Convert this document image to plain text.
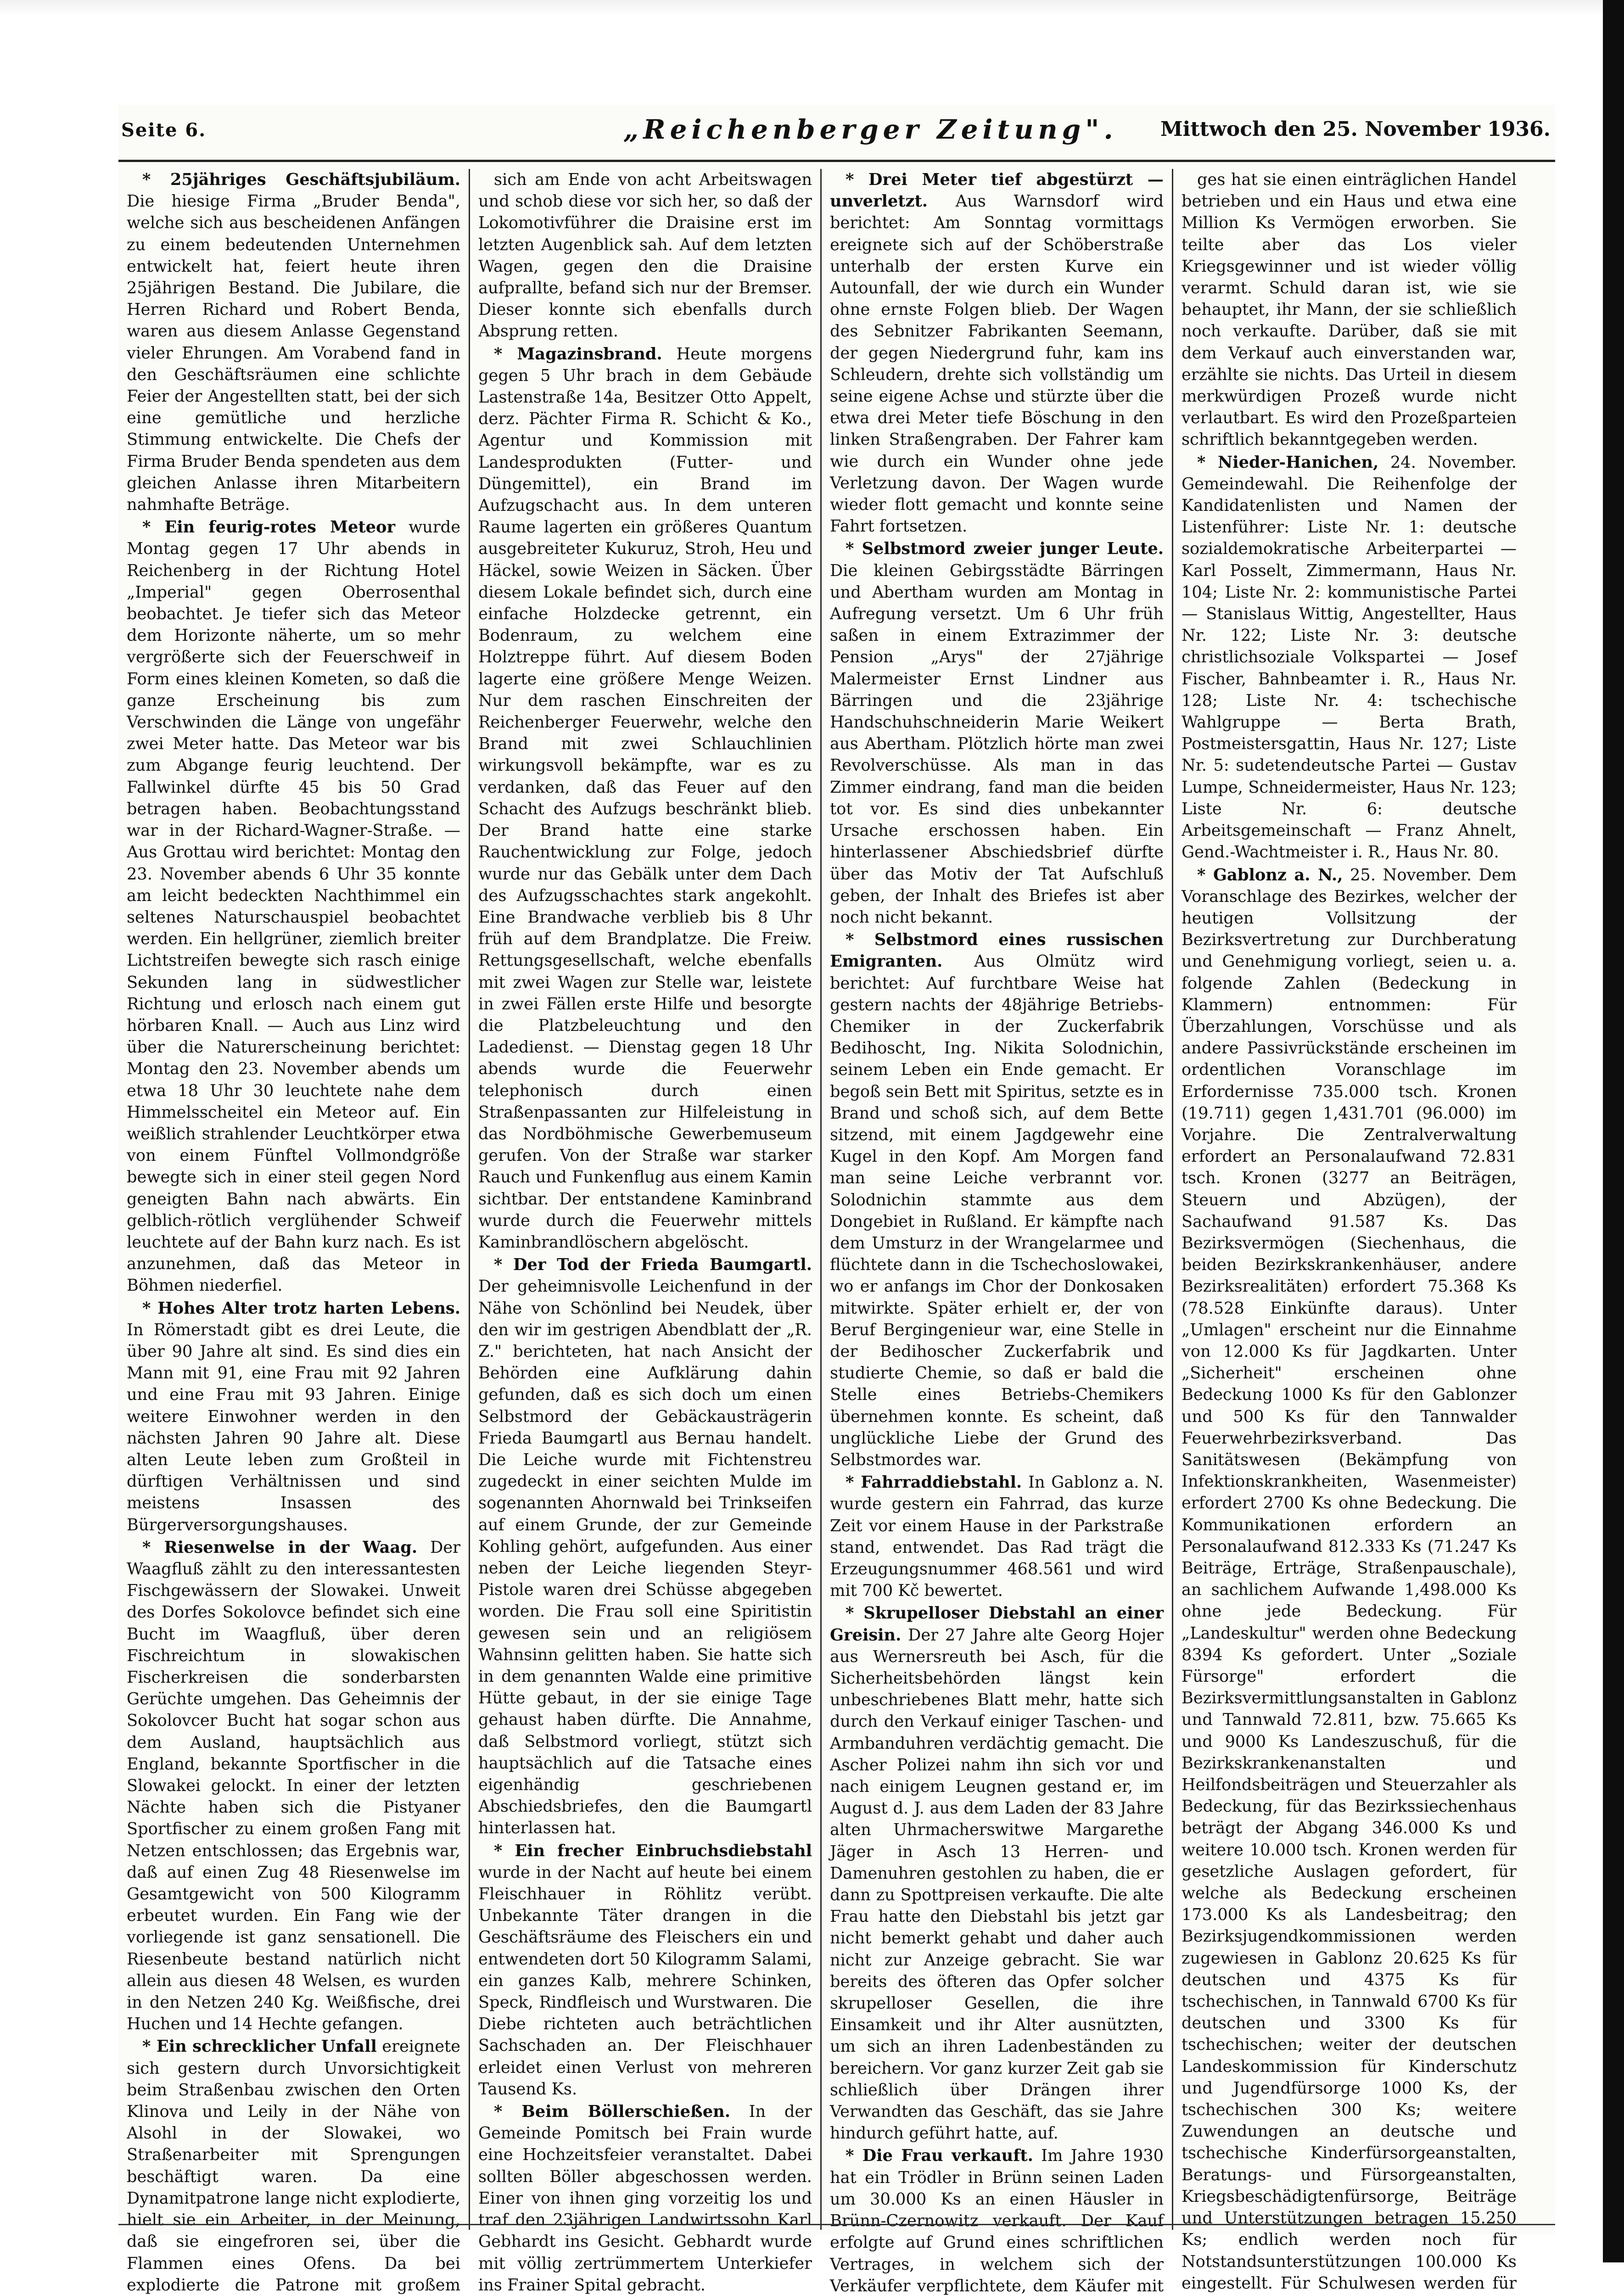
Seite 6.	„Reichenberger Zeitung". Mittwoch den 25. November 1936.

* 25jähriges Geschäftsjubiläum. Die hiesige Firma „Bruder Benda", welche sich aus bescheidenen Anfängen zu einem bedeutenden Unternehmen entwickelt hat, feiert heute ihren 25jährigen Bestand. Die Jubilare, die Herren Richard und Robert Benda, waren aus diesem Anlasse Gegenstand vieler Ehrungen. Am Vorabend fand in den Geschäftsräumen eine schlichte Feier der Angestellten statt, bei der sich eine gemütliche und herzliche Stimmung entwickelte. Die Chefs der Firma Bruder Benda spendeten aus dem gleichen Anlasse ihren Mitarbeitern nahmhafte Beträge.

* Ein feurig-rotes Meteor wurde Montag gegen 17 Uhr abends in Reichenberg in der Richtung Hotel „Imperial" gegen Oberrosenthal beobachtet. Je tiefer sich das Meteor dem Horizonte näherte, um so mehr vergrößerte sich der Feuerschweif in Form eines kleinen Kometen, so daß die ganze Erscheinung bis zum Verschwinden die Länge von ungefähr zwei Meter hatte. Das Meteor war bis zum Abgange feurig leuchtend. Der Fallwinkel dürfte 45 bis 50 Grad betragen haben. Beobachtungsstand war in der Richard-Wagner-Straße. — Aus Grottau wird berichtet: Montag den 23. November abends 6 Uhr 35 konnte am leicht bedeckten Nachthimmel ein seltenes Naturschauspiel beobachtet werden. Ein hellgrüner, ziemlich breiter Lichtstreifen bewegte sich rasch einige Sekunden lang in südwestlicher Richtung und erlosch nach einem gut hörbaren Knall. — Auch aus Linz wird über die Naturerscheinung berichtet: Montag den 23. November abends um etwa 18 Uhr 30 leuchtete nahe dem Himmelsscheitel ein Meteor auf. Ein weißlich strahlender Leuchtkörper etwa von einem Fünftel Vollmondgröße bewegte sich in einer steil gegen Nord geneigten Bahn nach abwärts. Ein gelblich-rötlich verglühender Schweif leuchtete auf der Bahn kurz nach. Es ist anzunehmen, daß das Meteor in Böhmen niederfiel.

* Hohes Alter trotz harten Lebens. In Römerstadt gibt es drei Leute, die über 90 Jahre alt sind. Es sind dies ein Mann mit 91, eine Frau mit 92 Jahren und eine Frau mit 93 Jahren. Einige weitere Einwohner werden in den nächsten Jahren 90 Jahre alt. Diese alten Leute leben zum Großteil in dürftigen Verhältnissen und sind meistens Insassen des Bürgerversorgungshauses.

* Riesenwelse in der Waag. Der Waagfluß zählt zu den interessantesten Fischgewässern der Slowakei. Unweit des Dorfes Sokolovce befindet sich eine Bucht im Waagfluß, über deren Fischreichtum in slowakischen Fischerkreisen die sonderbarsten Gerüchte umgehen. Das Geheimnis der Sokolovcer Bucht hat sogar schon aus dem Ausland, hauptsächlich aus England, bekannte Sportfischer in die Slowakei gelockt. In einer der letzten Nächte haben sich die Pistyaner Sportfischer zu einem großen Fang mit Netzen entschlossen; das Ergebnis war, daß auf einen Zug 48 Riesenwelse im Gesamtgewicht von 500 Kilogramm erbeutet wurden. Ein Fang wie der vorliegende ist ganz sensationell. Die Riesenbeute bestand natürlich nicht allein aus diesen 48 Welsen, es wurden in den Netzen 240 Kg. Weißfische, drei Huchen und 14 Hechte gefangen.

* Ein schrecklicher Unfall ereignete sich gestern durch Unvorsichtigkeit beim Straßenbau zwischen den Orten Klinova und Leily in der Nähe von Alsohl in der Slowakei, wo Straßenarbeiter mit Sprengungen beschäftigt waren. Da eine Dynamitpatrone lange nicht explodierte, hielt sie ein Arbeiter, in der Meinung, daß sie eingefroren sei, über die Flammen eines Ofens. Da bei explodierte die Patrone mit großem

sich am Ende von acht Arbeitswagen und schob diese vor sich her, so daß der Lokomotivführer die Draisine erst im letzten Augenblick sah. Auf dem letzten Wagen, gegen den die Draisine aufprallte, befand sich nur der Bremser. Dieser konnte sich ebenfalls durch Absprung retten.

* Magazinsbrand. Heute morgens gegen 5 Uhr brach in dem Gebäude Lastenstraße 14a, Besitzer Otto Appelt, derz. Pächter Firma R. Schicht & Ko., Agentur und Kommission mit Landesprodukten (Futter- und Düngemittel), ein Brand im Aufzugschacht aus. In dem unteren Raume lagerten ein größeres Quantum ausgebreiteter Kukuruz, Stroh, Heu und Häckel, sowie Weizen in Säcken. Über diesem Lokale befindet sich, durch eine einfache Holzdecke getrennt, ein Bodenraum, zu welchem eine Holztreppe führt. Auf diesem Boden lagerte eine größere Menge Weizen. Nur dem raschen Einschreiten der Reichenberger Feuerwehr, welche den Brand mit zwei Schlauchlinien wirkungsvoll bekämpfte, war es zu verdanken, daß das Feuer auf den Schacht des Aufzugs beschränkt blieb. Der Brand hatte eine starke Rauchentwicklung zur Folge, jedoch wurde nur das Gebälk unter dem Dach des Aufzugsschachtes stark angekohlt. Eine Brandwache verblieb bis 8 Uhr früh auf dem Brandplatze. Die Freiw. Rettungsgesellschaft, welche ebenfalls mit zwei Wagen zur Stelle war, leistete in zwei Fällen erste Hilfe und besorgte die Platzbeleuchtung und den Ladedienst. — Dienstag gegen 18 Uhr abends wurde die Feuerwehr telephonisch durch einen Straßenpassanten zur Hilfeleistung in das Nordböhmische Gewerbemuseum gerufen. Von der Straße war starker Rauch und Funkenflug aus einem Kamin sichtbar. Der entstandene Kaminbrand wurde durch die Feuerwehr mittels Kaminbrandlöschern abgelöscht.

* Der Tod der Frieda Baumgartl. Der geheimnisvolle Leichenfund in der Nähe von Schönlind bei Neudek, über den wir im gestrigen Abendblatt der „R. Z." berichteten, hat nach Ansicht der Behörden eine Aufklärung dahin gefunden, daß es sich doch um einen Selbstmord der Gebäckausträgerin Frieda Baumgartl aus Bernau handelt. Die Leiche wurde mit Fichtenstreu zugedeckt in einer seichten Mulde im sogenannten Ahornwald bei Trinkseifen auf einem Grunde, der zur Gemeinde Kohling gehört, aufgefunden. Aus einer neben der Leiche liegenden Steyr-Pistole waren drei Schüsse abgegeben worden. Die Frau soll eine Spiritistin gewesen sein und an religiösem Wahnsinn gelitten haben. Sie hatte sich in dem genannten Walde eine primitive Hütte gebaut, in der sie einige Tage gehaust haben dürfte. Die Annahme, daß Selbstmord vorliegt, stützt sich hauptsächlich auf die Tatsache eines eigenhändig geschriebenen Abschiedsbriefes, den die Baumgartl hinterlassen hat.

* Ein frecher Einbruchsdiebstahl wurde in der Nacht auf heute bei einem Fleischhauer in Röhlitz verübt. Unbekannte Täter drangen in die Geschäftsräume des Fleischers ein und entwendeten dort 50 Kilogramm Salami, ein ganzes Kalb, mehrere Schinken, Speck, Rindfleisch und Wurstwaren. Die Diebe richteten auch beträchtlichen Sachschaden an. Der Fleischhauer erleidet einen Verlust von mehreren Tausend Ks.

* Beim Böllerschießen. In der Gemeinde Pomitsch bei Frain wurde eine Hochzeitsfeier veranstaltet. Dabei sollten Böller abgeschossen werden. Einer von ihnen ging vorzeitig los und traf den 23jährigen Landwirtssohn Karl Gebhardt ins Gesicht. Gebhardt wurde mit völlig zertrümmertem Unterkiefer ins Frainer Spital gebracht.

* Drei Meter tief abgestürzt — unverletzt. Aus Warnsdorf wird berichtet: Am Sonntag vormittags ereignete sich auf der Schöberstraße unterhalb der ersten Kurve ein Autounfall, der wie durch ein Wunder ohne ernste Folgen blieb. Der Wagen des Sebnitzer Fabrikanten Seemann, der gegen Niedergrund fuhr, kam ins Schleudern, drehte sich vollständig um seine eigene Achse und stürzte über die etwa drei Meter tiefe Böschung in den linken Straßengraben. Der Fahrer kam wie durch ein Wunder ohne jede Verletzung davon. Der Wagen wurde wieder flott gemacht und konnte seine Fahrt fortsetzen.

* Selbstmord zweier junger Leute. Die kleinen Gebirgsstädte Bärringen und Abertham wurden am Montag in Aufregung versetzt. Um 6 Uhr früh saßen in einem Extrazimmer der Pension „Arys" der 27jährige Malermeister Ernst Lindner aus Bärringen und die 23jährige Handschuhschneiderin Marie Weikert aus Abertham. Plötzlich hörte man zwei Revolverschüsse. Als man in das Zimmer eindrang, fand man die beiden tot vor. Es sind dies unbekannter Ursache erschossen haben. Ein hinterlassener Abschiedsbrief dürfte über das Motiv der Tat Aufschluß geben, der Inhalt des Briefes ist aber noch nicht bekannt.

* Selbstmord eines russischen Emigranten. Aus Olmütz wird berichtet: Auf furchtbare Weise hat gestern nachts der 48jährige Betriebs-Chemiker in der Zuckerfabrik Bedihoscht, Ing. Nikita Solodnichin, seinem Leben ein Ende gemacht. Er begoß sein Bett mit Spiritus, setzte es in Brand und schoß sich, auf dem Bette sitzend, mit einem Jagdgewehr eine Kugel in den Kopf. Am Morgen fand man seine Leiche verbrannt vor. Solodnichin stammte aus dem Dongebiet in Rußland. Er kämpfte nach dem Umsturz in der Wrangelarmee und flüchtete dann in die Tschechoslowakei, wo er anfangs im Chor der Donkosaken mitwirkte. Später erhielt er, der von Beruf Bergingenieur war, eine Stelle in der Bedihoscher Zuckerfabrik und studierte Chemie, so daß er bald die Stelle eines Betriebs-Chemikers übernehmen konnte. Es scheint, daß unglückliche Liebe der Grund des Selbstmordes war.

* Fahrraddiebstahl. In Gablonz a. N. wurde gestern ein Fahrrad, das kurze Zeit vor einem Hause in der Parkstraße stand, entwendet. Das Rad trägt die Erzeugungsnummer 468.561 und wird mit 700 Kč bewertet.

* Skrupelloser Diebstahl an einer Greisin. Der 27 Jahre alte Georg Hojer aus Wernersreuth bei Asch, für die Sicherheitsbehörden längst kein unbeschriebenes Blatt mehr, hatte sich durch den Verkauf einiger Taschen- und Armbanduhren verdächtig gemacht. Die Ascher Polizei nahm ihn sich vor und nach einigem Leugnen gestand er, im August d. J. aus dem Laden der 83 Jahre alten Uhrmacherswitwe Margarethe Jäger in Asch 13 Herren- und Damenuhren gestohlen zu haben, die er dann zu Spottpreisen verkaufte. Die alte Frau hatte den Diebstahl bis jetzt gar nicht bemerkt gehabt und daher auch nicht zur Anzeige gebracht. Sie war bereits des öfteren das Opfer solcher skrupelloser Gesellen, die ihre Einsamkeit und ihr Alter ausnützten, um sich an ihren Ladenbeständen zu bereichern. Vor ganz kurzer Zeit gab sie schließlich über Drängen ihrer Verwandten das Geschäft, das sie Jahre hindurch geführt hatte, auf.

* Die Frau verkauft. Im Jahre 1930 hat ein Trödler in Brünn seinen Laden um 30.000 Ks an einen Häusler in Brünn-Czernowitz verkauft. Der Kauf erfolgte auf Grund eines schriftlichen Vertrages, in welchem sich der Verkäufer verpflichtete, dem Käufer mit

ges hat sie einen einträglichen Handel betrieben und ein Haus und etwa eine Million Ks Vermögen erworben. Sie teilte aber das Los vieler Kriegsgewinner und ist wieder völlig verarmt. Schuld daran ist, wie sie behauptet, ihr Mann, der sie schließlich noch verkaufte. Darüber, daß sie mit dem Verkauf auch einverstanden war, erzählte sie nichts. Das Urteil in diesem merkwürdigen Prozeß wurde nicht verlautbart. Es wird den Prozeßparteien schriftlich bekanntgegeben werden.

* Nieder-Hanichen, 24. November. Gemeindewahl. Die Reihenfolge der Kandidatenlisten und Namen der Listenführer: Liste Nr. 1: deutsche sozialdemokratische Arbeiterpartei — Karl Posselt, Zimmermann, Haus Nr. 104; Liste Nr. 2: kommunistische Partei — Stanislaus Wittig, Angestellter, Haus Nr. 122; Liste Nr. 3: deutsche christlichsoziale Volkspartei — Josef Fischer, Bahnbeamter i. R., Haus Nr. 128; Liste Nr. 4: tschechische Wahlgruppe — Berta Brath, Postmeistersgattin, Haus Nr. 127; Liste Nr. 5: sudetendeutsche Partei — Gustav Lumpe, Schneidermeister, Haus Nr. 123; Liste Nr. 6: deutsche Arbeitsgemeinschaft — Franz Ahnelt, Gend.-Wachtmeister i. R., Haus Nr. 80.

* Gablonz a. N., 25. November. Dem Voranschlage des Bezirkes, welcher der heutigen Vollsitzung der Bezirksvertretung zur Durchberatung und Genehmigung vorliegt, seien u. a. folgende Zahlen (Bedeckung in Klammern) entnommen: Für Überzahlungen, Vorschüsse und als andere Passivrückstände erscheinen im ordentlichen Voranschlage im Erfordernisse 735.000 tsch. Kronen (19.711) gegen 1,431.701 (96.000) im Vorjahre. Die Zentralverwaltung erfordert an Personalaufwand 72.831 tsch. Kronen (3277 an Beiträgen, Steuern und Abzügen), der Sachaufwand 91.587 Ks. Das Bezirksvermögen (Siechenhaus, die beiden Bezirkskrankenhäuser, andere Bezirksrealitäten) erfordert 75.368 Ks (78.528 Einkünfte daraus). Unter „Umlagen" erscheint nur die Einnahme von 12.000 Ks für Jagdkarten. Unter „Sicherheit" erscheinen ohne Bedeckung 1000 Ks für den Gablonzer und 500 Ks für den Tannwalder Feuerwehrbezirksverband. Das Sanitätswesen (Bekämpfung von Infektionskrankheiten, Wasenmeister) erfordert 2700 Ks ohne Bedeckung. Die Kommunikationen erfordern an Personalaufwand 812.333 Ks (71.247 Ks Beiträge, Erträge, Straßenpauschale), an sachlichem Aufwande 1,498.000 Ks ohne jede Bedeckung. Für „Landeskultur" werden ohne Bedeckung 8394 Ks gefordert. Unter „Soziale Fürsorge" erfordert die Bezirksvermittlungsanstalten in Gablonz und Tannwald 72.811, bzw. 75.665 Ks und 9000 Ks Landeszuschuß, für die Bezirkskrankenanstalten und Heilfondsbeiträgen und Steuerzahler als Bedeckung, für das Bezirkssiechenhaus beträgt der Abgang 346.000 Ks und weitere 10.000 tsch. Kronen werden für gesetzliche Auslagen gefordert, für welche als Bedeckung erscheinen 173.000 Ks als Landesbeitrag; den Bezirksjugendkommissionen werden zugewiesen in Gablonz 20.625 Ks für deutschen und 4375 Ks für tschechischen, in Tannwald 6700 Ks für deutschen und 3300 Ks für tschechischen; weiter der deutschen Landeskommission für Kinderschutz und Jugendfürsorge 1000 Ks, der tschechischen 300 Ks; weitere Zuwendungen an deutsche und tschechische Kinderfürsorgeanstalten, Beratungs- und Fürsorgeanstalten, Kriegsbeschädigtenfürsorge, Beiträge und Unterstützungen betragen 15.250 Ks; endlich werden noch für Notstandsunterstützungen 100.000 Ks eingestellt. Für Schulwesen werden für
